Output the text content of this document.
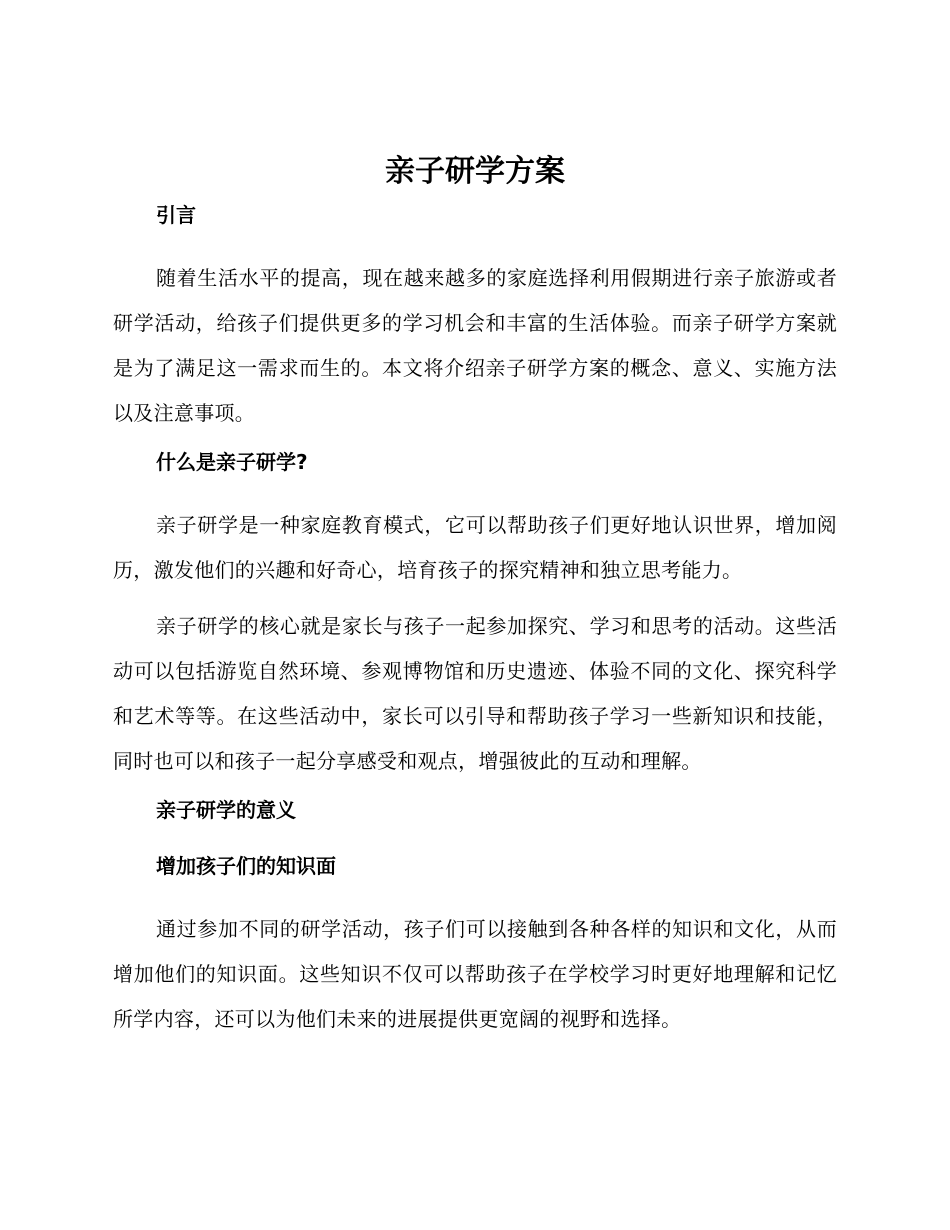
亲子研学方案

引言

随着生活水平的提高，现在越来越多的家庭选择利用假期进行亲子旅游或者研学活动，给孩子们提供更多的学习机会和丰富的生活体验。而亲子研学方案就是为了满足这一需求而生的。本文将介绍亲子研学方案的概念、意义、实施方法以及注意事项。

什么是亲子研学?

亲子研学是一种家庭教育模式，它可以帮助孩子们更好地认识世界，增加阅历，激发他们的兴趣和好奇心，培育孩子的探究精神和独立思考能力。

亲子研学的核心就是家长与孩子一起参加探究、学习和思考的活动。这些活动可以包括游览自然环境、参观博物馆和历史遗迹、体验不同的文化、探究科学和艺术等等。在这些活动中，家长可以引导和帮助孩子学习一些新知识和技能，同时也可以和孩子一起分享感受和观点，增强彼此的互动和理解。

亲子研学的意义

增加孩子们的知识面

通过参加不同的研学活动，孩子们可以接触到各种各样的知识和文化，从而增加他们的知识面。这些知识不仅可以帮助孩子在学校学习时更好地理解和记忆所学内容，还可以为他们未来的进展提供更宽阔的视野和选择。
